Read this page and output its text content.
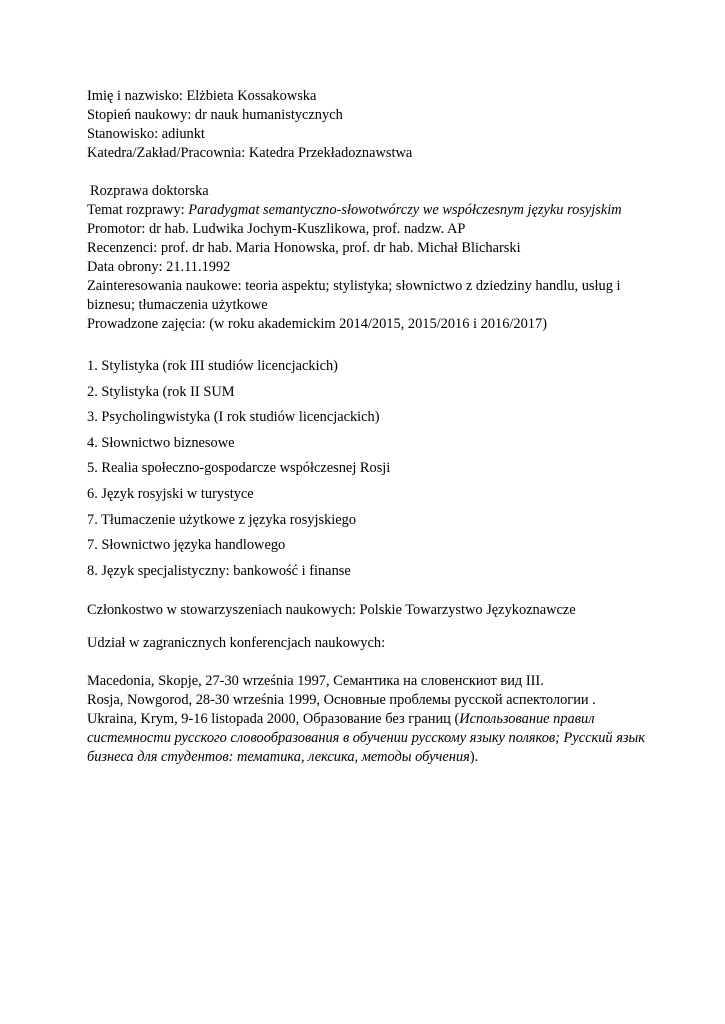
Imię i nazwisko: Elżbieta Kossakowska
Stopień naukowy: dr nauk humanistycznych
Stanowisko: adiunkt
Katedra/Zakład/Pracownia: Katedra Przekładoznawstwa
Rozprawa doktorska
Temat rozprawy: Paradygmat semantyczno-słowotwórczy we współczesnym języku rosyjskim
Promotor: dr hab. Ludwika Jochym-Kuszlikowa, prof. nadzw. AP
Recenzenci: prof. dr hab. Maria Honowska, prof. dr hab. Michał Blicharski
Data obrony: 21.11.1992
Zainteresowania naukowe: teoria aspektu; stylistyka; słownictwo z dziedziny handlu, usług i biznesu; tłumaczenia użytkowe
Prowadzone zajęcia: (w roku akademickim 2014/2015, 2015/2016 i 2016/2017)
1. Stylistyka (rok III studiów licencjackich)
2. Stylistyka (rok II SUM
3. Psycholingwistyka (I rok studiów licencjackich)
4. Słownictwo biznesowe
5. Realia społeczno-gospodarcze współczesnej Rosji
6. Język rosyjski w turystyce
7. Tłumaczenie użytkowe z języka rosyjskiego
7. Słownictwo języka handlowego
8. Język specjalistyczny: bankowość i finanse
Członkostwo w stowarzyszeniach naukowych: Polskie Towarzystwo Językoznawcze
Udział w zagranicznych konferencjach naukowych:
Macedonia, Skopje, 27-30 września 1997, Семантика на словенскиот вид III.
Rosja, Nowgorod, 28-30 września 1999, Основные проблемы русской аспектологии .
Ukraina, Krym, 9-16 listopada 2000, Образование без границ (Использование правил системности русского словообразования в обучении русскому языку поляков; Русский язык бизнеса для студентов: тематика, лексика, методы обучения).
